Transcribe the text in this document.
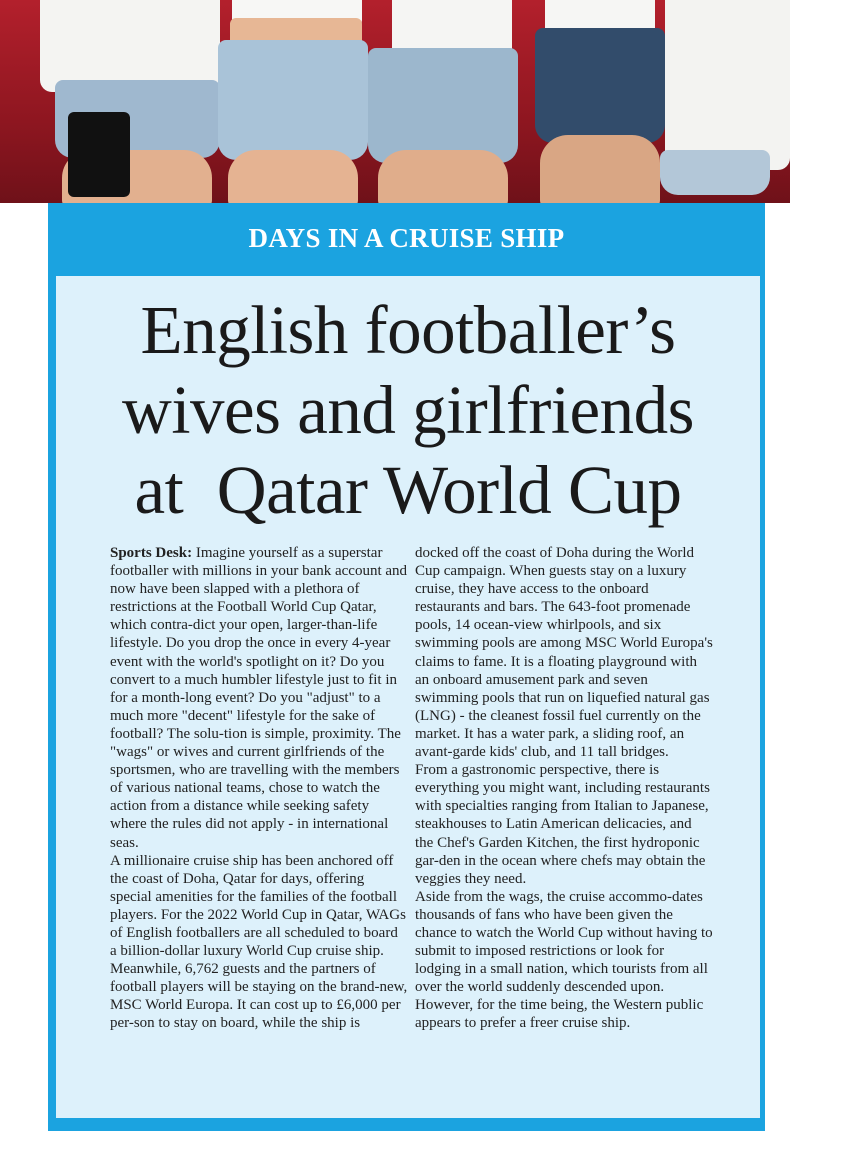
DAYS IN A CRUISE SHIP
English footballer’s
wives and girlfriends
at  Qatar World Cup
Sports Desk: Imagine yourself as a superstar footballer with millions in your bank account and now have been slapped with a plethora of restrictions at the Football World Cup Qatar, which contra-dict your open, larger-than-life lifestyle. Do you drop the once in every 4-year event with the world's spotlight on it? Do you convert to a much humbler lifestyle just to fit in for a month-long event? Do you "adjust" to a much more "decent" lifestyle for the sake of football? The solu-tion is simple, proximity. The "wags" or wives and current girlfriends of the sportsmen, who are travelling with the members of various national teams, chose to watch the action from a distance while seeking safety where the rules did not apply - in international seas.
A millionaire cruise ship has been anchored off the coast of Doha, Qatar for days, offering special amenities for the families of the football players. For the 2022 World Cup in Qatar, WAGs of English footballers are all scheduled to board a billion-dollar luxury World Cup cruise ship. Meanwhile, 6,762 guests and the partners of football players will be staying on the brand-new, MSC World Europa. It can cost up to £6,000 per per-son to stay on board, while the ship is
docked off the coast of Doha during the World Cup campaign. When guests stay on a luxury cruise, they have access to the onboard restaurants and bars. The 643-foot promenade pools, 14 ocean-view whirlpools, and six swimming pools are among MSC World Europa's claims to fame. It is a floating playground with an onboard amusement park and seven swimming pools that run on liquefied natural gas (LNG) - the cleanest fossil fuel currently on the market. It has a water park, a sliding roof, an avant-garde kids' club, and 11 tall bridges.
From a gastronomic perspective, there is everything you might want, including restaurants with specialties ranging from Italian to Japanese, steakhouses to Latin American delicacies, and the Chef's Garden Kitchen, the first hydroponic gar-den in the ocean where chefs may obtain the veggies they need.
Aside from the wags, the cruise accommo-dates thousands of fans who have been given the chance to watch the World Cup without having to submit to imposed restrictions or look for lodging in a small nation, which tourists from all over the world suddenly descended upon. However, for the time being, the Western public appears to prefer a freer cruise ship.
